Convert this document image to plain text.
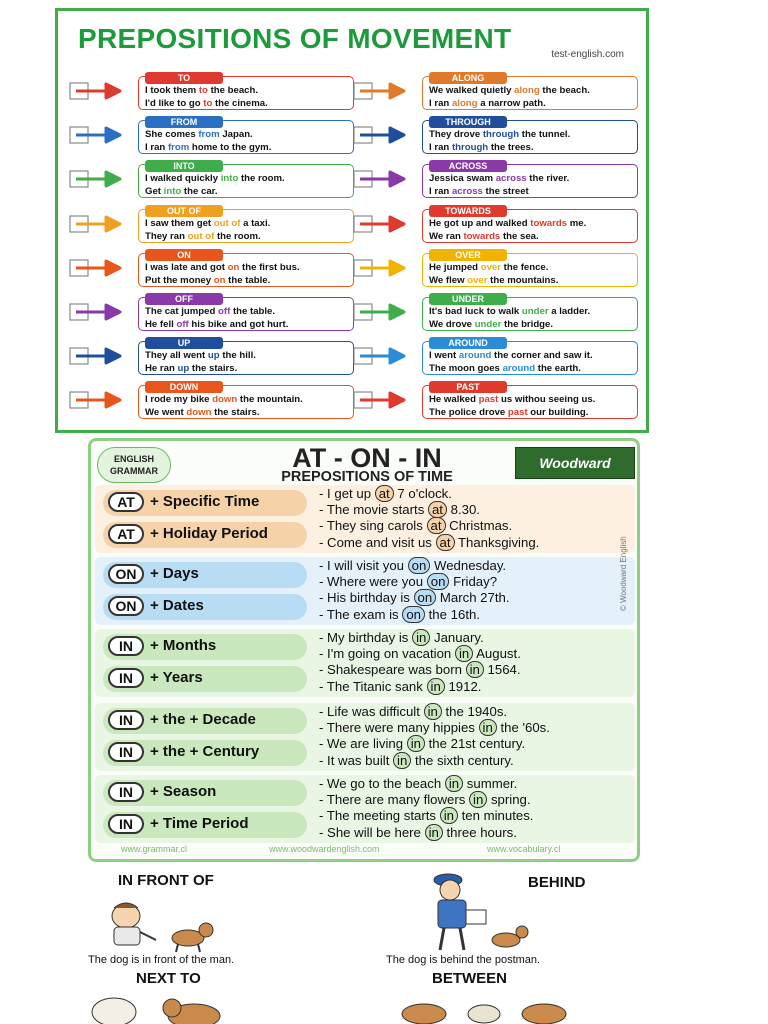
PREPOSITIONS OF MOVEMENT
test-english.com
TO
I took them to the beach.
I'd like to go to the cinema.
ALONG
We walked quietly along the beach.
I ran along a narrow path.
FROM
She comes from Japan.
I ran from home to the gym.
THROUGH
They drove through the tunnel.
I ran through the trees.
INTO
I walked quickly into the room.
Get into the car.
ACROSS
Jessica swam across the river.
I ran across the street
OUT OF
I saw them get out of a taxi.
They ran out of the room.
TOWARDS
He got up and walked towards me.
We ran towards the sea.
ON
I was late and got on the first bus.
Put the money on the table.
OVER
He jumped over the fence.
We flew over the mountains.
OFF
The cat jumped off the table.
He fell off his bike and got hurt.
UNDER
It's bad luck to walk under a ladder.
We drove under the bridge.
UP
They all went up the hill.
He ran up the stairs.
AROUND
I went around the corner and saw it.
The moon goes around the earth.
DOWN
I rode my bike down the mountain.
We went down the stairs.
PAST
He walked past us withou seeing us.
The police drove past our building.
ENGLISH GRAMMAR	AT - ON - IN
PREPOSITIONS OF TIME
Woodward
AT	+ Specific Time
AT	+ Holiday Period
- I get up at 7 o'clock.
- The movie starts at 8.30.
- They sing carols at Christmas.
- Come and visit us at Thanksgiving.
ON + Days
ON + Dates
- I will visit you on Wednesday.
- Where were you on Friday?
- His birthday is on March 27th.
- The exam is on the 16th.
IN	+ Months
IN	+ Years
- My birthday is in January.
- I'm going on vacation in August.
- Shakespeare was born in 1564.
- The Titanic sank in 1912.
IN	+ the + Decade
IN	+ the + Century
- Life was difficult in the 1940s.
- There were many hippies in the '60s.
- We are living in the 21st century.
- It was built in the sixth century.
IN	+ Season
IN	+ Time Period
- We go to the beach in summer.
- There are many flowers in spring.
- The meeting starts in ten minutes.
- She will be here in three hours.
© Woodward English
www.grammar.cl	www.woodwardenglish.com	www.vocabulary.cl
IN FRONT OF	BEHIND
The dog is in front of the man.	The dog is behind the postman.
NEXT TO	BETWEEN
